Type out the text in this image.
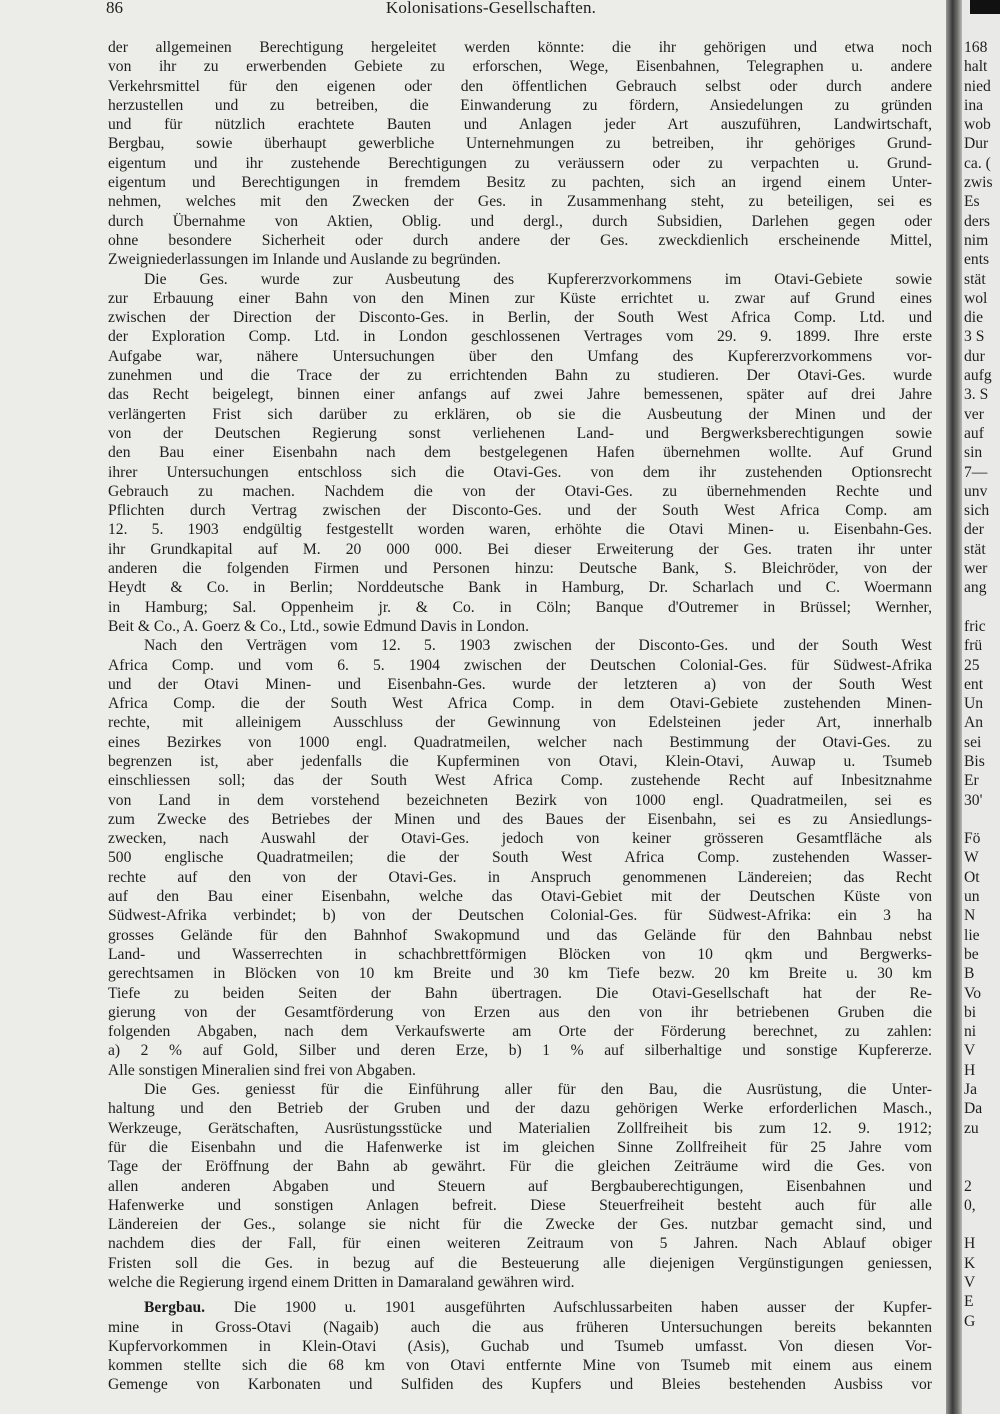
86	Kolonisations-Gesellschaften.
der allgemeinen Berechtigung hergeleitet werden könnte: die ihr gehörigen und etwa noch
von ihr zu erwerbenden Gebiete zu erforschen, Wege, Eisenbahnen, Telegraphen u. andere
Verkehrsmittel für den eigenen oder den öffentlichen Gebrauch selbst oder durch andere
herzustellen und zu betreiben, die Einwanderung zu fördern, Ansiedelungen zu gründen
und für nützlich erachtete Bauten und Anlagen jeder Art auszuführen, Landwirtschaft,
Bergbau, sowie überhaupt gewerbliche Unternehmungen zu betreiben, ihr gehöriges Grund-
eigentum und ihr zustehende Berechtigungen zu veräussern oder zu verpachten u. Grund-
eigentum und Berechtigungen in fremdem Besitz zu pachten, sich an irgend einem Unter-
nehmen, welches mit den Zwecken der Ges. in Zusammenhang steht, zu beteiligen, sei es
durch Übernahme von Aktien, Oblig. und dergl., durch Subsidien, Darlehen gegen oder
ohne besondere Sicherheit oder durch andere der Ges. zweckdienlich erscheinende Mittel,
Zweigniederlassungen im Inlande und Auslande zu begründen.
Die Ges. wurde zur Ausbeutung des Kupfererzvorkommens im Otavi-Gebiete sowie
zur Erbauung einer Bahn von den Minen zur Küste errichtet u. zwar auf Grund eines
zwischen der Direction der Disconto-Ges. in Berlin, der South West Africa Comp. Ltd. und
der Exploration Comp. Ltd. in London geschlossenen Vertrages vom 29. 9. 1899. Ihre erste
Aufgabe war, nähere Untersuchungen über den Umfang des Kupfererzvorkommens vor-
zunehmen und die Trace der zu errichtenden Bahn zu studieren. Der Otavi-Ges. wurde
das Recht beigelegt, binnen einer anfangs auf zwei Jahre bemessenen, später auf drei Jahre
verlängerten Frist sich darüber zu erklären, ob sie die Ausbeutung der Minen und der
von der Deutschen Regierung sonst verliehenen Land- und Bergwerksberechtigungen sowie
den Bau einer Eisenbahn nach dem bestgelegenen Hafen übernehmen wollte. Auf Grund
ihrer Untersuchungen entschloss sich die Otavi-Ges. von dem ihr zustehenden Optionsrecht
Gebrauch zu machen. Nachdem die von der Otavi-Ges. zu übernehmenden Rechte und
Pflichten durch Vertrag zwischen der Disconto-Ges. und der South West Africa Comp. am
12. 5. 1903 endgültig festgestellt worden waren, erhöhte die Otavi Minen- u. Eisenbahn-Ges.
ihr Grundkapital auf M. 20 000 000. Bei dieser Erweiterung der Ges. traten ihr unter
anderen die folgenden Firmen und Personen hinzu: Deutsche Bank, S. Bleichröder, von der
Heydt & Co. in Berlin; Norddeutsche Bank in Hamburg, Dr. Scharlach und C. Woermann
in Hamburg; Sal. Oppenheim jr. & Co. in Cöln; Banque d'Outremer in Brüssel; Wernher,
Beit & Co., A. Goerz & Co., Ltd., sowie Edmund Davis in London.
Nach den Verträgen vom 12. 5. 1903 zwischen der Disconto-Ges. und der South West
Africa Comp. und vom 6. 5. 1904 zwischen der Deutschen Colonial-Ges. für Südwest-Afrika
und der Otavi Minen- und Eisenbahn-Ges. wurde der letzteren a) von der South West
Africa Comp. die der South West Africa Comp. in dem Otavi-Gebiete zustehenden Minen-
rechte, mit alleinigem Ausschluss der Gewinnung von Edelsteinen jeder Art, innerhalb
eines Bezirkes von 1000 engl. Quadratmeilen, welcher nach Bestimmung der Otavi-Ges. zu
begrenzen ist, aber jedenfalls die Kupferminen von Otavi, Klein-Otavi, Auwap u. Tsumeb
einschliessen soll; das der South West Africa Comp. zustehende Recht auf Inbesitznahme
von Land in dem vorstehend bezeichneten Bezirk von 1000 engl. Quadratmeilen, sei es
zum Zwecke des Betriebes der Minen und des Baues der Eisenbahn, sei es zu Ansiedlungs-
zwecken, nach Auswahl der Otavi-Ges. jedoch von keiner grösseren Gesamtfläche als
500 englische Quadratmeilen; die der South West Africa Comp. zustehenden Wasser-
rechte auf den von der Otavi-Ges. in Anspruch genommenen Ländereien; das Recht
auf den Bau einer Eisenbahn, welche das Otavi-Gebiet mit der Deutschen Küste von
Südwest-Afrika verbindet; b) von der Deutschen Colonial-Ges. für Südwest-Afrika: ein 3 ha
grosses Gelände für den Bahnhof Swakopmund und das Gelände für den Bahnbau nebst
Land- und Wasserrechten in schachbrettförmigen Blöcken von 10 qkm und Bergwerks-
gerechtsamen in Blöcken von 10 km Breite und 30 km Tiefe bezw. 20 km Breite u. 30 km
Tiefe zu beiden Seiten der Bahn übertragen. Die Otavi-Gesellschaft hat der Re-
gierung von der Gesamtförderung von Erzen aus den von ihr betriebenen Gruben die
folgenden Abgaben, nach dem Verkaufswerte am Orte der Förderung berechnet, zu zahlen:
a) 2 % auf Gold, Silber und deren Erze, b) 1 % auf silberhaltige und sonstige Kupfererze.
Alle sonstigen Mineralien sind frei von Abgaben.
Die Ges. geniesst für die Einführung aller für den Bau, die Ausrüstung, die Unter-
haltung und den Betrieb der Gruben und der dazu gehörigen Werke erforderlichen Masch.,
Werkzeuge, Gerätschaften, Ausrüstungsstücke und Materialien Zollfreiheit bis zum 12. 9. 1912;
für die Eisenbahn und die Hafenwerke ist im gleichen Sinne Zollfreiheit für 25 Jahre vom
Tage der Eröffnung der Bahn ab gewährt. Für die gleichen Zeiträume wird die Ges. von
allen anderen Abgaben und Steuern auf Bergbauberechtigungen, Eisenbahnen und
Hafenwerke und sonstigen Anlagen befreit. Diese Steuerfreiheit besteht auch für alle
Ländereien der Ges., solange sie nicht für die Zwecke der Ges. nutzbar gemacht sind, und
nachdem dies der Fall, für einen weiteren Zeitraum von 5 Jahren. Nach Ablauf obiger
Fristen soll die Ges. in bezug auf die Besteuerung alle diejenigen Vergünstigungen geniessen,
welche die Regierung irgend einem Dritten in Damaraland gewähren wird.
Bergbau. Die 1900 u. 1901 ausgeführten Aufschlussarbeiten haben ausser der Kupfer-
mine in Gross-Otavi (Nagaib) auch die aus früheren Untersuchungen bereits bekannten
Kupfervorkommen in Klein-Otavi (Asis), Guchab und Tsumeb umfasst. Von diesen Vor-
kommen stellte sich die 68 km von Otavi entfernte Mine von Tsumeb mit einem aus einem
Gemenge von Karbonaten und Sulfiden des Kupfers und Bleies bestehenden Ausbiss vor
168
halt
nied
ina
wob
Dur
ca. (
zwis
Es
ders
nim
ents
stät
wol
die
3 S
dur
aufg
3. S
ver
auf
sin
7—
unv
sich
der
stät
wer
ang
fric
frü
25
ent
Un
An
sei
Bis
Er
30'
Fö
W
Ot
un
N
lie
be
B
Vo
bi
ni
V
H
Ja
Da
zu
2
0,
H
K
V
E
G
